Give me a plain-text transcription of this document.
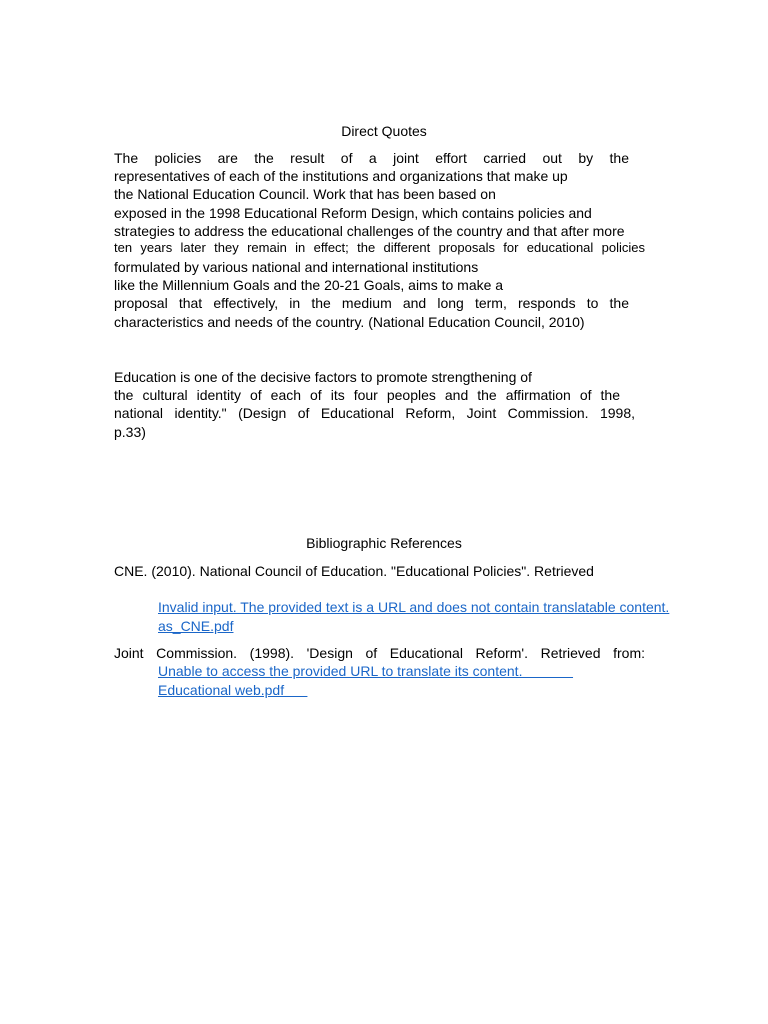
Direct Quotes

The policies are the result of a joint effort carried out by the

representatives of each of the institutions and organizations that make up

the National Education Council. Work that has been based on

exposed in the 1998 Educational Reform Design, which contains policies and

strategies to address the educational challenges of the country and that after more

ten years later they remain in effect; the different proposals for educational policies

formulated by various national and international institutions

like the Millennium Goals and the 20-21 Goals, aims to make a

proposal that effectively, in the medium and long term, responds to the

characteristics and needs of the country. (National Education Council, 2010)

Education is one of the decisive factors to promote strengthening of

the cultural identity of each of its four peoples and the affirmation of the

national identity." (Design of Educational Reform, Joint Commission. 1998,

p.33)

Bibliographic References

CNE. (2010). National Council of Education. "Educational Policies". Retrieved

Invalid input. The provided text is a URL and does not contain translatable content.
as_CNE.pdf

Joint Commission. (1998). 'Design of Educational Reform'. Retrieved from:

Unable to access the provided URL to translate its content.
Educational web.pdf
